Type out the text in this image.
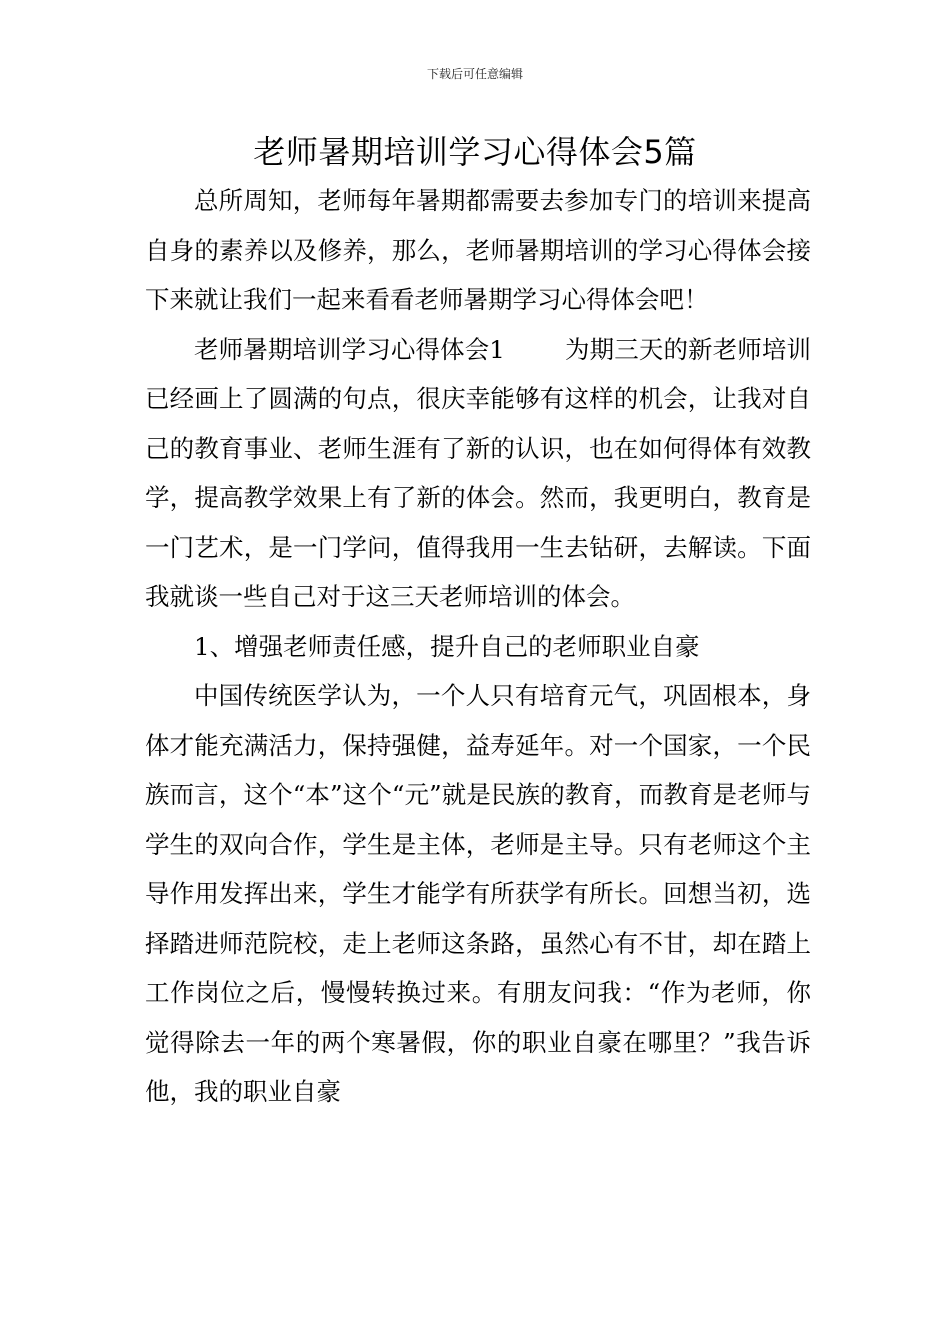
下载后可任意编辑
老师暑期培训学习心得体会5篇

总所周知，老师每年暑期都需要去参加专门的培训来提高自身的素养以及修养，那么，老师暑期培训的学习心得体会接下来就让我们一起来看看老师暑期学习心得体会吧！

老师暑期培训学习心得体会1 为期三天的新老师培训已经画上了圆满的句点，很庆幸能够有这样的机会，让我对自己的教育事业、老师生涯有了新的认识，也在如何得体有效教学，提高教学效果上有了新的体会。然而，我更明白，教育是一门艺术，是一门学问，值得我用一生去钻研，去解读。下面我就谈一些自己对于这三天老师培训的体会。

1、增强老师责任感，提升自己的老师职业自豪

中国传统医学认为，一个人只有培育元气，巩固根本，身体才能充满活力，保持强健，益寿延年。对一个国家，一个民族而言，这个“本”这个“元”就是民族的教育，而教育是老师与学生的双向合作，学生是主体，老师是主导。只有老师这个主导作用发挥出来，学生才能学有所获学有所长。回想当初，选择踏进师范院校，走上老师这条路，虽然心有不甘，却在踏上工作岗位之后，慢慢转换过来。有朋友问我：“作为老师，你觉得除去一年的两个寒暑假，你的职业自豪在哪里？”我告诉他，我的职业自豪
